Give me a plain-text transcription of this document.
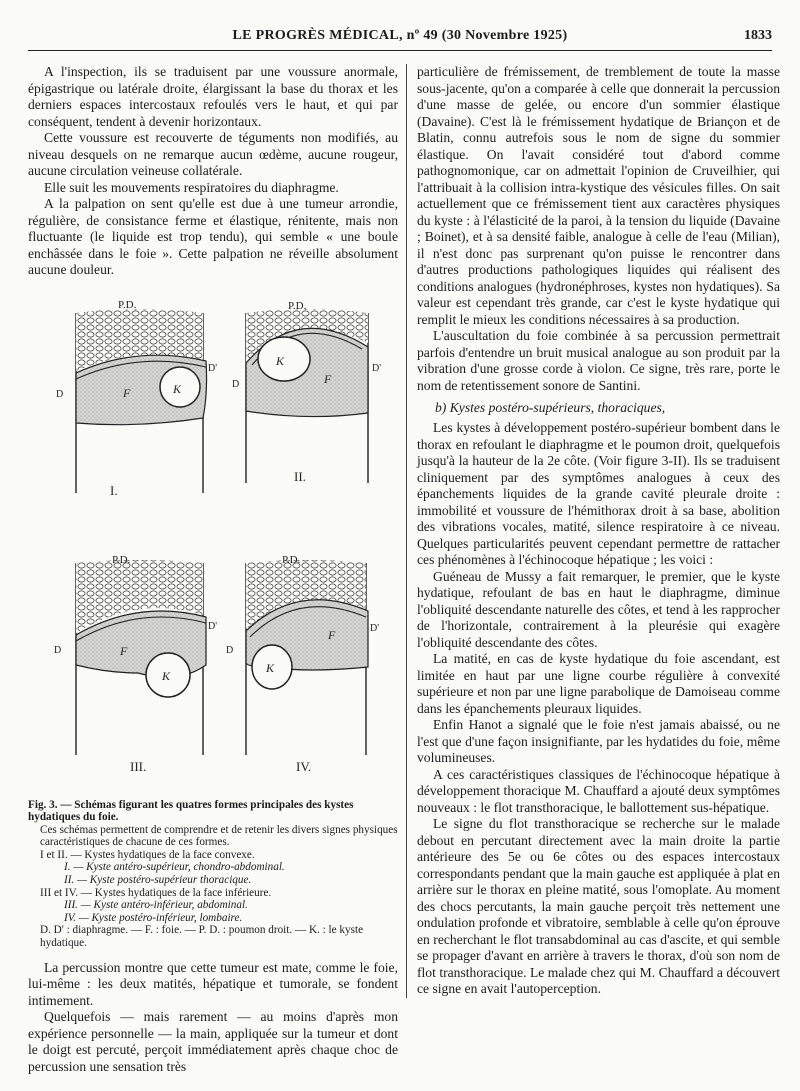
LE PROGRÈS MÉDICAL, nº 49 (30 Novembre 1925)	1833

A l'inspection, ils se traduisent par une voussure anormale, épigastrique ou latérale droite, élargissant la base du thorax et les derniers espaces intercostaux refoulés vers le haut, et qui par conséquent, tendent à devenir horizontaux.

Cette voussure est recouverte de téguments non modifiés, au niveau desquels on ne remarque aucun œdème, aucune rougeur, aucune circulation veineuse collatérale.

Elle suit les mouvements respiratoires du diaphragme.

A la palpation on sent qu'elle est due à une tumeur arrondie, régulière, de consistance ferme et élastique, rénitente, mais non fluctuante (le liquide est trop tendu), qui semble « une boule enchâssée dans le foie ». Cette palpation ne réveille absolument aucune douleur.

F	K
P.D.
D
D'
I.
K
F
P.D.
D
D'
II.
F
K
P.D.
D
D'
III.
F
K
P.D.
D
D'
IV.
Fig. 3. — Schémas figurant les quatres formes principales des kystes hydatiques du foie.
Ces schémas permettent de comprendre et de retenir les divers signes physiques caractéristiques de chacune de ces formes.
I et II. — Kystes hydatiques de la face convexe.
I. — Kyste antéro-supérieur, chondro-abdominal.
II. — Kyste postéro-supérieur thoracique.
III et IV. — Kystes hydatiques de la face inférieure.
III. — Kyste antéro-inférieur, abdominal.
IV. — Kyste postéro-inférieur, lombaire.
D. D' : diaphragme. — F. : foie. — P. D. : poumon droit. — K. : le kyste hydatique.

La percussion montre que cette tumeur est mate, comme le foie, lui-même : les deux matités, hépatique et tumorale, se fondent intimement.

Quelquefois — mais rarement — au moins d'après mon expérience personnelle — la main, appliquée sur la tumeur et dont le doigt est percuté, perçoit immédiatement après chaque choc de percussion une sensation très

particulière de frémissement, de tremblement de toute la masse sous-jacente, qu'on a comparée à celle que donnerait la percussion d'une masse de gelée, ou encore d'un sommier élastique (Davaine). C'est là le frémissement hydatique de Briançon et de Blatin, connu autrefois sous le nom de signe du sommier élastique. On l'avait considéré tout d'abord comme pathognomonique, car on admettait l'opinion de Cruveilhier, qui l'attribuait à la collision intra-kystique des vésicules filles. On sait actuellement que ce frémissement tient aux caractères physiques du kyste : à l'élasticité de la paroi, à la tension du liquide (Davaine ; Boinet), et à sa densité faible, analogue à celle de l'eau (Milian), il n'est donc pas surprenant qu'on puisse le rencontrer dans d'autres productions pathologiques liquides qui réalisent des conditions analogues (hydronéphroses, kystes non hydatiques). Sa valeur est cependant très grande, car c'est le kyste hydatique qui remplit le mieux les conditions nécessaires à sa production.

L'auscultation du foie combinée à sa percussion permettrait parfois d'entendre un bruit musical analogue au son produit par la vibration d'une grosse corde à violon. Ce signe, très rare, porte le nom de retentissement sonore de Santini.

b) Kystes postéro-supérieurs, thoraciques,

Les kystes à développement postéro-supérieur bombent dans le thorax en refoulant le diaphragme et le poumon droit, quelquefois jusqu'à la hauteur de la 2e côte. (Voir figure 3-II). Ils se traduisent cliniquement par des symptômes analogues à ceux des épanchements liquides de la grande cavité pleurale droite : immobilité et voussure de l'hémithorax droit à sa base, abolition des vibrations vocales, matité, silence respiratoire à ce niveau. Quelques particularités peuvent cependant permettre de rattacher ces phénomènes à l'échinocoque hépatique ; les voici :

Guéneau de Mussy a fait remarquer, le premier, que le kyste hydatique, refoulant de bas en haut le diaphragme, diminue l'obliquité descendante naturelle des côtes, et tend à les rapprocher de l'horizontale, contrairement à la pleurésie qui exagère l'obliquité descendante des côtes.

La matité, en cas de kyste hydatique du foie ascendant, est limitée en haut par une ligne courbe régulière à convexité supérieure et non par une ligne parabolique de Damoiseau comme dans les épanchements pleuraux liquides.

Enfin Hanot a signalé que le foie n'est jamais abaissé, ou ne l'est que d'une façon insignifiante, par les hydatides du foie, même volumineuses.

A ces caractéristiques classiques de l'échinocoque hépatique à développement thoracique M. Chauffard a ajouté deux symptômes nouveaux : le flot transthoracique, le ballottement sus-hépatique.

Le signe du flot transthoracique se recherche sur le malade debout en percutant directement avec la main droite la partie antérieure des 5e ou 6e côtes ou des espaces intercostaux correspondants pendant que la main gauche est appliquée à plat en arrière sur le thorax en pleine matité, sous l'omoplate. Au moment des chocs percutants, la main gauche perçoit très nettement une ondulation profonde et vibratoire, semblable à celle qu'on éprouve en recherchant le flot transabdominal au cas d'ascite, et qui semble se propager d'avant en arrière à travers le thorax, d'où son nom de flot transthoracique. Le malade chez qui M. Chauffard a découvert ce signe en avait l'autoperception.
